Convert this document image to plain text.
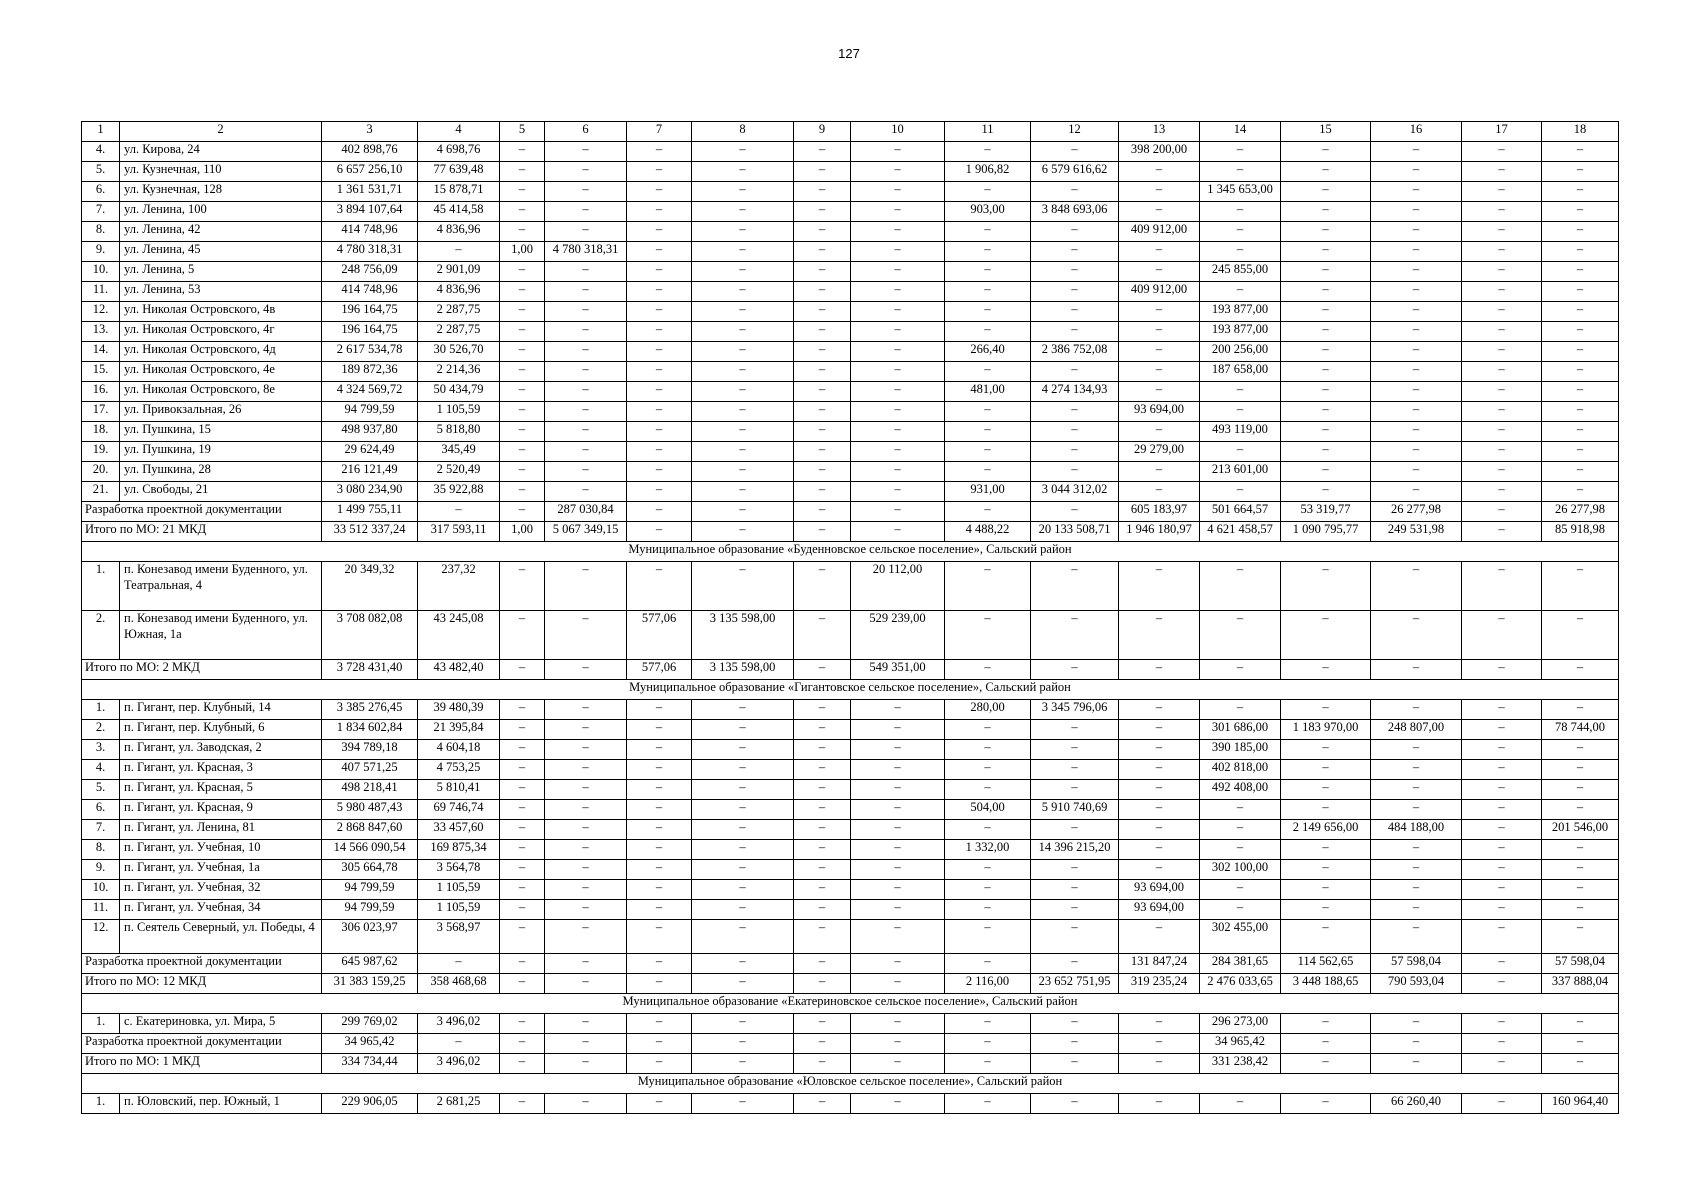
127
1	2	3	4	5	6	7	8	9	10	11	12	13	14	15	16	17	18
4.	ул. Кирова, 24	402 898,76	4 698,76	–	–	–	–	–	–	–	–	398 200,00	–	–	–	–	–
5.	ул. Кузнечная, 110	6 657 256,10	77 639,48	–	–	–	–	–	–	1 906,82	6 579 616,62	–	–	–	–	–	–
6.	ул. Кузнечная, 128	1 361 531,71	15 878,71	–	–	–	–	–	–	–	–	–	1 345 653,00	–	–	–	–
7.	ул. Ленина, 100	3 894 107,64	45 414,58	–	–	–	–	–	–	903,00	3 848 693,06	–	–	–	–	–	–
8.	ул. Ленина, 42	414 748,96	4 836,96	–	–	–	–	–	–	–	–	409 912,00	–	–	–	–	–
9.	ул. Ленина, 45	4 780 318,31	–	1,00	4 780 318,31	–	–	–	–	–	–	–	–	–	–	–	–
10.	ул. Ленина, 5	248 756,09	2 901,09	–	–	–	–	–	–	–	–	–	245 855,00	–	–	–	–
11.	ул. Ленина, 53	414 748,96	4 836,96	–	–	–	–	–	–	–	–	409 912,00	–	–	–	–	–
12.	ул. Николая Островского, 4в	196 164,75	2 287,75	–	–	–	–	–	–	–	–	–	193 877,00	–	–	–	–
13.	ул. Николая Островского, 4г	196 164,75	2 287,75	–	–	–	–	–	–	–	–	–	193 877,00	–	–	–	–
14.	ул. Николая Островского, 4д	2 617 534,78	30 526,70	–	–	–	–	–	–	266,40	2 386 752,08	–	200 256,00	–	–	–	–
15.	ул. Николая Островского, 4е	189 872,36	2 214,36	–	–	–	–	–	–	–	–	–	187 658,00	–	–	–	–
16.	ул. Николая Островского, 8е	4 324 569,72	50 434,79	–	–	–	–	–	–	481,00	4 274 134,93	–	–	–	–	–	–
17.	ул. Привокзальная, 26	94 799,59	1 105,59	–	–	–	–	–	–	–	–	93 694,00	–	–	–	–	–
18.	ул. Пушкина, 15	498 937,80	5 818,80	–	–	–	–	–	–	–	–	–	493 119,00	–	–	–	–
19.	ул. Пушкина, 19	29 624,49	345,49	–	–	–	–	–	–	–	–	29 279,00	–	–	–	–	–
20.	ул. Пушкина, 28	216 121,49	2 520,49	–	–	–	–	–	–	–	–	–	213 601,00	–	–	–	–
21.	ул. Свободы, 21	3 080 234,90	35 922,88	–	–	–	–	–	–	931,00	3 044 312,02	–	–	–	–	–	–
Разработка проектной документации		1 499 755,11	–	–	287 030,84	–	–	–	–	–	–	605 183,97	501 664,57	53 319,77	26 277,98	–	26 277,98
Итого по МО: 21 МКД		33 512 337,24	317 593,11	1,00	5 067 349,15	–	–	–	–	4 488,22	20 133 508,71	1 946 180,97	4 621 458,57	1 090 795,77	249 531,98	–	85 918,98
Муниципальное образование «Буденновское сельское поселение», Сальский район																	
1.	п. Конезавод имени Буденного, ул. Театральная, 4	20 349,32	237,32	–	–	–	–	–	20 112,00	–	–	–	–	–	–	–	–
2.	п. Конезавод имени Буденного, ул. Южная, 1а	3 708 082,08	43 245,08	–	–	577,06	3 135 598,00	–	529 239,00	–	–	–	–	–	–	–	–
Итого по МО: 2 МКД		3 728 431,40	43 482,40	–	–	577,06	3 135 598,00	–	549 351,00	–	–	–	–	–	–	–	–
Муниципальное образование «Гигантовское сельское поселение», Сальский район																	
1.	п. Гигант, пер. Клубный, 14	3 385 276,45	39 480,39	–	–	–	–	–	–	280,00	3 345 796,06	–	–	–	–	–	–
2.	п. Гигант, пер. Клубный, 6	1 834 602,84	21 395,84	–	–	–	–	–	–	–	–	–	301 686,00	1 183 970,00	248 807,00	–	78 744,00
3.	п. Гигант, ул. Заводская, 2	394 789,18	4 604,18	–	–	–	–	–	–	–	–	–	390 185,00	–	–	–	–
4.	п. Гигант, ул. Красная, 3	407 571,25	4 753,25	–	–	–	–	–	–	–	–	–	402 818,00	–	–	–	–
5.	п. Гигант, ул. Красная, 5	498 218,41	5 810,41	–	–	–	–	–	–	–	–	–	492 408,00	–	–	–	–
6.	п. Гигант, ул. Красная, 9	5 980 487,43	69 746,74	–	–	–	–	–	–	504,00	5 910 740,69	–	–	–	–	–	–
7.	п. Гигант, ул. Ленина, 81	2 868 847,60	33 457,60	–	–	–	–	–	–	–	–	–	–	2 149 656,00	484 188,00	–	201 546,00
8.	п. Гигант, ул. Учебная, 10	14 566 090,54	169 875,34	–	–	–	–	–	–	1 332,00	14 396 215,20	–	–	–	–	–	–
9.	п. Гигант, ул. Учебная, 1а	305 664,78	3 564,78	–	–	–	–	–	–	–	–	–	302 100,00	–	–	–	–
10.	п. Гигант, ул. Учебная, 32	94 799,59	1 105,59	–	–	–	–	–	–	–	–	93 694,00	–	–	–	–	–
11.	п. Гигант, ул. Учебная, 34	94 799,59	1 105,59	–	–	–	–	–	–	–	–	93 694,00	–	–	–	–	–
12.	п. Сеятель Северный, ул. Победы, 4	306 023,97	3 568,97	–	–	–	–	–	–	–	–	–	302 455,00	–	–	–	–
Разработка проектной документации		645 987,62	–	–	–	–	–	–	–	–	–	131 847,24	284 381,65	114 562,65	57 598,04	–	57 598,04
Итого по МО: 12 МКД		31 383 159,25	358 468,68	–	–	–	–	–	–	2 116,00	23 652 751,95	319 235,24	2 476 033,65	3 448 188,65	790 593,04	–	337 888,04
Муниципальное образование «Екатериновское сельское поселение», Сальский район																	
1.	с. Екатериновка, ул. Мира, 5	299 769,02	3 496,02	–	–	–	–	–	–	–	–	–	296 273,00	–	–	–	–
Разработка проектной документации		34 965,42	–	–	–	–	–	–	–	–	–	–	34 965,42	–	–	–	–
Итого по МО: 1 МКД		334 734,44	3 496,02	–	–	–	–	–	–	–	–	–	331 238,42	–	–	–	–
Муниципальное образование «Юловское сельское поселение», Сальский район																	
1.	п. Юловский, пер. Южный, 1	229 906,05	2 681,25	–	–	–	–	–	–	–	–	–	–	–	66 260,40	–	160 964,40
